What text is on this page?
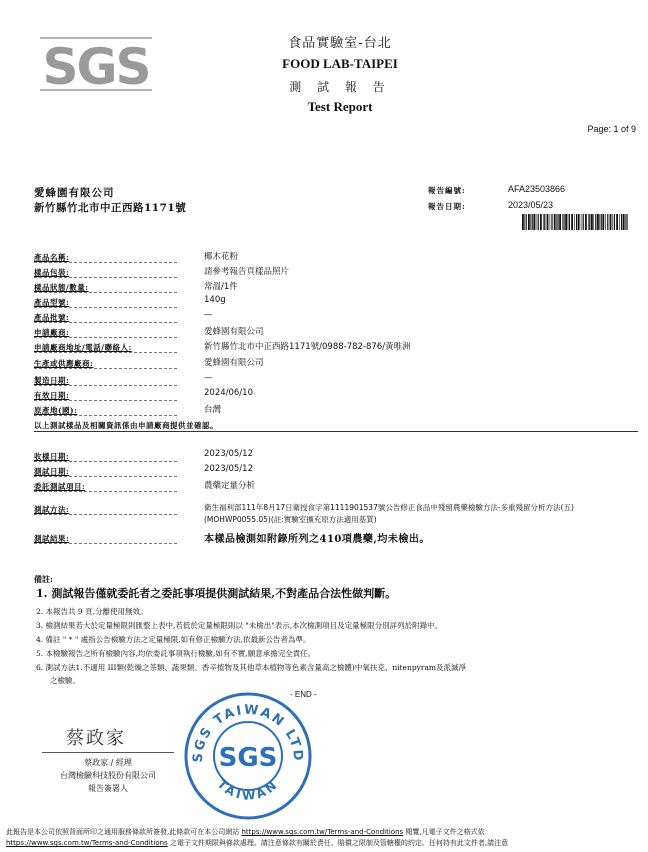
SGS	食品實驗室-台北
FOOD LAB-TAIPEI
測 試 報 告
Test Report
Page: 1 of 9
愛蜂園有限公司
新竹縣竹北市中正西路1171號
報告編號:	AFA23503866
報告日期:	2023/05/23
產品名稱:	椰木花粉
樣品包裝:	請參考報告頁樣品照片
樣品狀態/數量:	常溫/1件
產品型號:	140g
產品批號:	—
申請廠商:	愛蜂園有限公司
申請廠商地址/電話/聯絡人:	新竹縣竹北市中正西路1171號/0988-782-876/黃唯洲
生產或供應廠商:	愛蜂園有限公司
製造日期:	—
有效日期:	2024/06/10
原產地(國):	台灣
以上測試樣品及相關資訊係由申請廠商提供並確認。
收樣日期:	2023/05/12
測試日期:	2023/05/12
委託測試項目:	農藥定量分析
測試方法:	衛生福利部111年8月17日衛授食字第1111901537號公告修正食品中殘留農藥檢驗方法-多重殘留分析方法(五)(MOHWP0055.05)(註:實驗室擴充原方法適用基質)
測試結果:	本樣品檢測如附錄所列之410項農藥,均未檢出。
備註:
1. 測試報告僅就委託者之委託事項提供測試結果,不對產品合法性做判斷。
2. 本報告共 9 頁,分離使用無效。
3. 檢測結果若大於定量極限則匯整上表中,若低於定量極限則以 "未檢出"表示,本次檢測項目及定量極限分別詳列於附錄中。
4. 備註 " * " 處指公告檢驗方法之定量極限,如有修正檢驗方法,依最新公告者為準。
5. 本檢驗報告之所有檢驗內容,均依委託事項執行檢驗,如有不實,願意承擔完全責任。
6. 測試方法1.不適用 III類(乾燥之茶類、蔬果類、香辛植物及其他草本植物等色素含量高之檢體)中氧扶克、nitenpyram及派滅淨
之檢驗。
- END -
蔡政家
蔡政家 / 經理
台灣檢驗科技股份有限公司
報告簽署人
SGS TAIWAN LTD
TAIWAN
SGS
此報告是本公司依照背面所印之通用服務條款所簽發,此條款可在本公司網站 https://www.sgs.com.tw/Terms-and-Conditions 閱覽,凡電子文件之格式依
https://www.sgs.com.tw/Terms-and-Conditions 之電子文件期限與條款處理。請注意條款有關於責任、賠償之限制及管轄權的約定。任何持有此文件者,請注意
